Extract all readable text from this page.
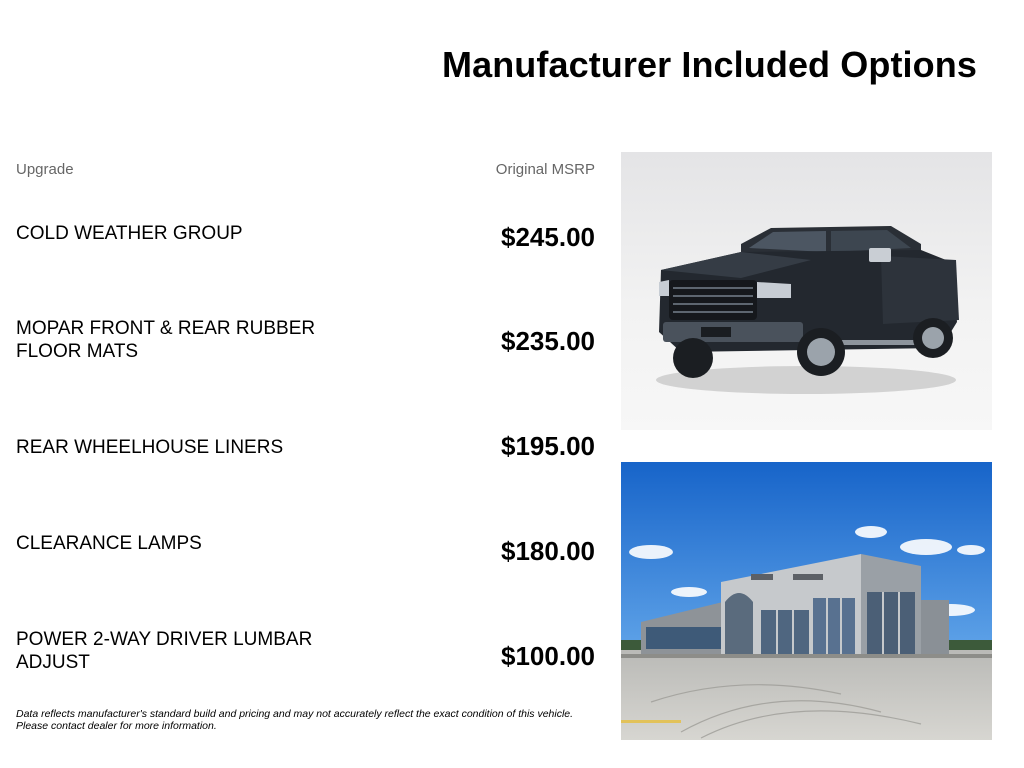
Manufacturer Included Options
Upgrade	Original MSRP
COLD WEATHER GROUP	$245.00
MOPAR FRONT & REAR RUBBER FLOOR MATS	$235.00
REAR WHEELHOUSE LINERS	$195.00
CLEARANCE LAMPS	$180.00
POWER 2-WAY DRIVER LUMBAR ADJUST	$100.00
Data reflects manufacturer's standard build and pricing and may not accurately reflect the exact condition of this vehicle.
Please contact dealer for more information.
